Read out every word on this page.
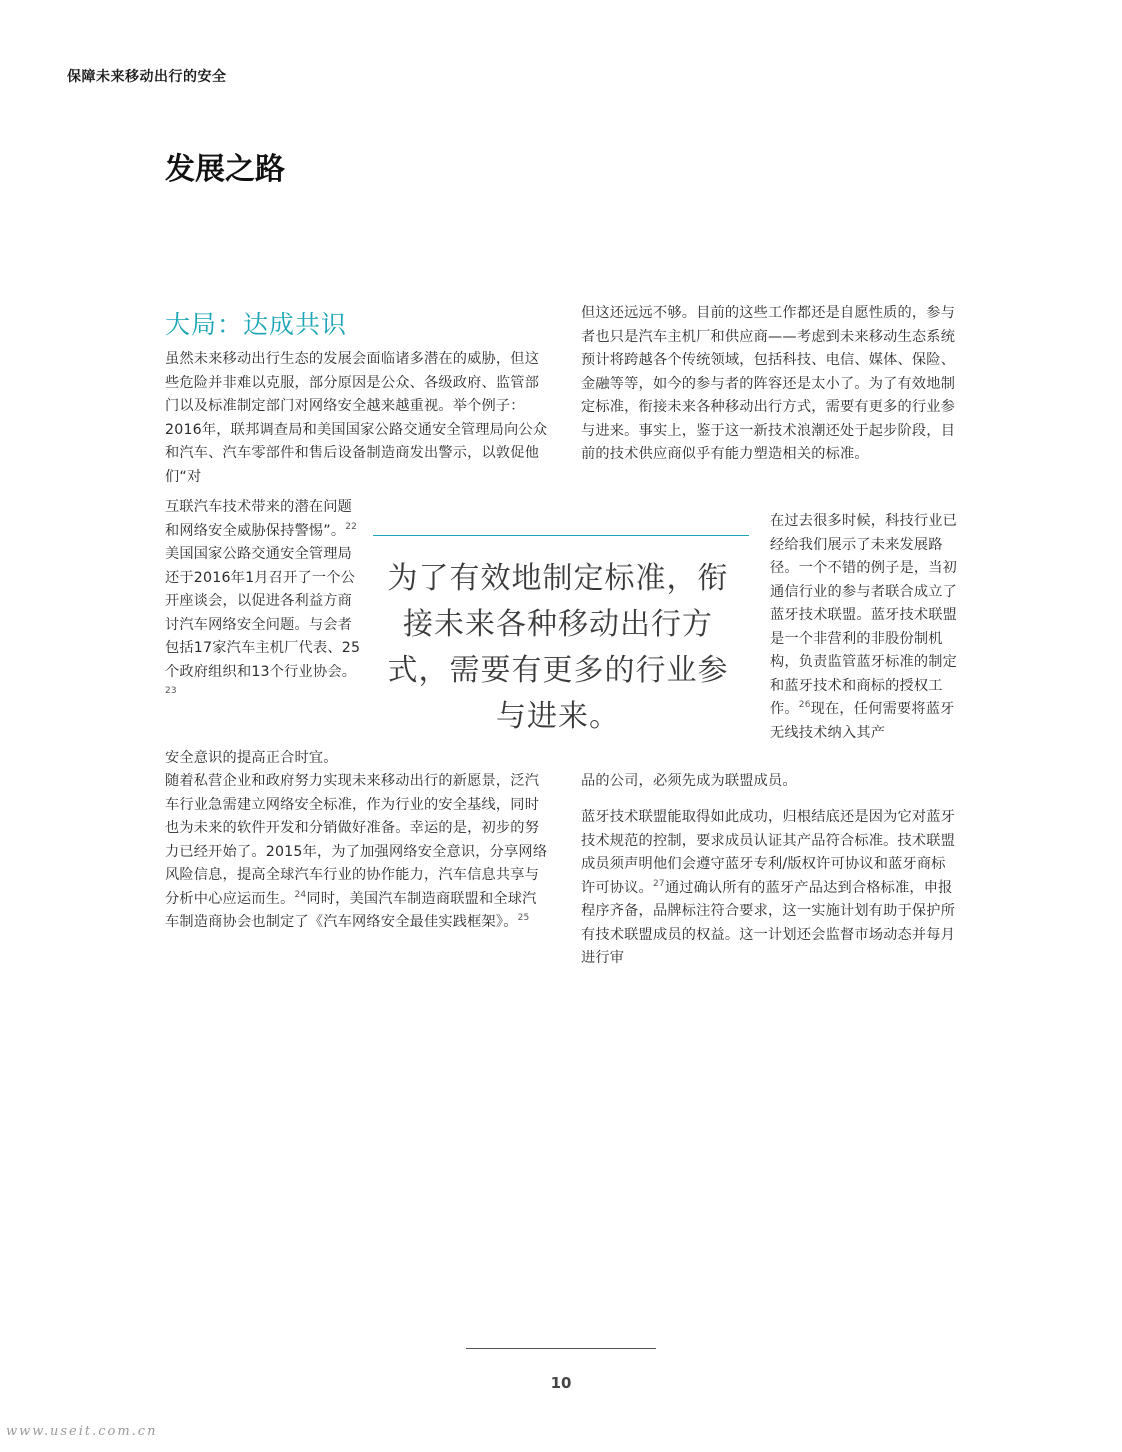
保障未来移动出行的安全
发展之路
大局：达成共识

虽然未来移动出行生态的发展会面临诸多潜在的威胁，但这些危险并非难以克服，部分原因是公众、各级政府、监管部门以及标准制定部门对网络安全越来越重视。举个例子：2016年，联邦调查局和美国国家公路交通安全管理局向公众和汽车、汽车零部件和售后设备制造商发出警示，以敦促他们“对

互联汽车技术带来的潜在问题和网络安全威胁保持警惕”。$^{22}$美国国家公路交通安全管理局还于2016年1月召开了一个公开座谈会，以促进各利益方商讨汽车网络安全问题。与会者包括17家汽车主机厂代表、25个政府组织和13个行业协会。$^{23}$

安全意识的提高正合时宜。

随着私营企业和政府努力实现未来移动出行的新愿景，泛汽车行业急需建立网络安全标准，作为行业的安全基线，同时也为未来的软件开发和分销做好准备。幸运的是，初步的努力已经开始了。2015年，为了加强网络安全意识，分享网络风险信息，提高全球汽车行业的协作能力，汽车信息共享与分析中心应运而生。$^{24}$同时，美国汽车制造商联盟和全球汽车制造商协会也制定了《汽车网络安全最佳实践框架》。$^{25}$

但这还远远不够。目前的这些工作都还是自愿性质的，参与者也只是汽车主机厂和供应商——考虑到未来移动生态系统预计将跨越各个传统领域，包括科技、电信、媒体、保险、金融等等，如今的参与者的阵容还是太小了。为了有效地制定标准，衔接未来各种移动出行方式，需要有更多的行业参与进来。事实上，鉴于这一新技术浪潮还处于起步阶段，目前的技术供应商似乎有能力塑造相关的标准。

在过去很多时候，科技行业已经给我们展示了未来发展路径。一个不错的例子是，当初通信行业的参与者联合成立了蓝牙技术联盟。蓝牙技术联盟是一个非营利的非股份制机构，负责监管蓝牙标准的制定和蓝牙技术和商标的授权工作。$^{26}$现在，任何需要将蓝牙无线技术纳入其产

品的公司，必须先成为联盟成员。

蓝牙技术联盟能取得如此成功，归根结底还是因为它对蓝牙技术规范的控制，要求成员认证其产品符合标准。技术联盟成员须声明他们会遵守蓝牙专利/版权许可协议和蓝牙商标许可协议。$^{27}$通过确认所有的蓝牙产品达到合格标准，申报程序齐备，品牌标注符合要求，这一实施计划有助于保护所有技术联盟成员的权益。这一计划还会监督市场动态并每月进行审

为了有效地制定标准，衔接未来各种移动出行方式，需要有更多的行业参与进来。
10
www.useit.com.cn
